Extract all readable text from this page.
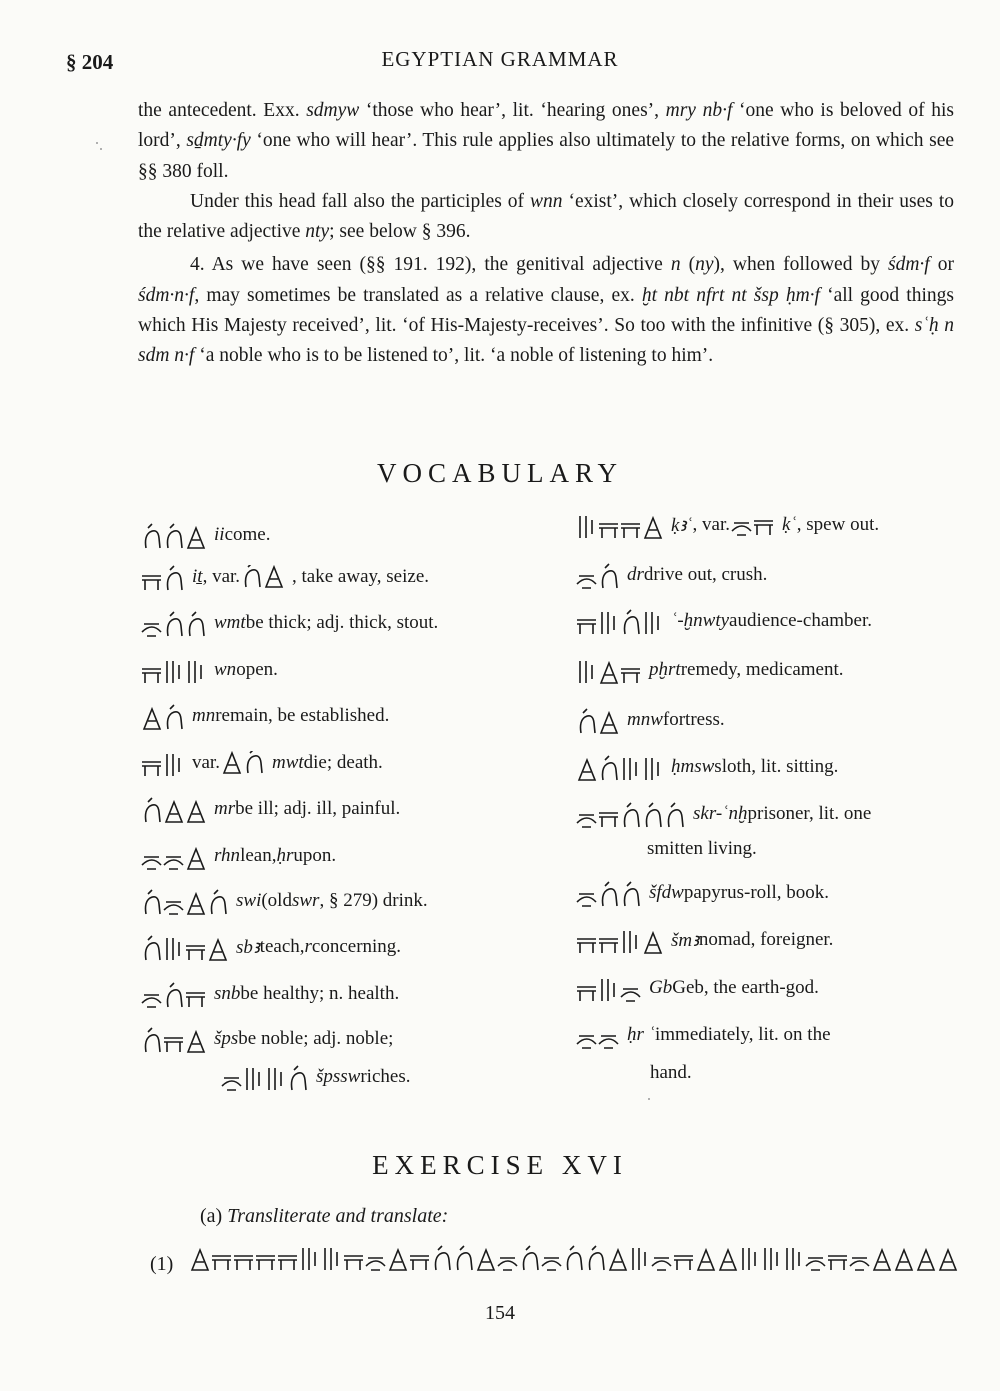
§ 204	EGYPTIAN GRAMMAR

the antecedent. Exx. sdmyw ‘those who hear’, lit. ‘hearing ones’, mry nb·f ‘one who is beloved of his lord’, sḏmty·fy ‘one who will hear’. This rule applies also ultimately to the relative forms, on which see §§ 380 foll.

Under this head fall also the participles of wnn ‘exist’, which closely correspond in their uses to the relative adjective nty; see below § 396.

4. As we have seen (§§ 191. 192), the genitival adjective n (ny), when followed by śdm·f or śdm·n·f, may sometimes be translated as a relative clause, ex. ḫt nbt nfrt nt šsp ḥm·f ‘all good things which His Majesty received’, lit. ‘of His-Majesty-receives’. So too with the infinitive (§ 305), ex. sʿḥ n sdm n·f ‘a noble who is to be listened to’, lit. ‘a noble of listening to him’.

VOCABULARY
ii come.
iṯ , var.	, take away, seize.
wmt be thick; adj. thick, stout.
wn open.
mn remain, be established.
var.	mwt die; death.
mr be ill; adj. ill, painful.
rhn lean, ḥr upon.
swi (old swr , § 279) drink.
sbꜣ teach, r concerning.
snb be healthy; n. health.
šps be noble; adj. noble;
špssw riches.
ḳꜣʿ , var.	ḳʿ , spew out.
dr drive out, crush.
ʿ-ḫnwty audience-chamber.
pḫrt remedy, medicament.
mnw fortress.
ḥmsw sloth, lit. sitting.
skr-ʿnḫ prisoner, lit. one
šfdw papyrus-roll, book.
šmꜣ nomad, foreigner.
Gb Geb, the earth-god.
ḥr ʿ immediately, lit. on the
smitten living.
hand.
EXERCISE XVI
(a) Transliterate and translate:
(1)
154
